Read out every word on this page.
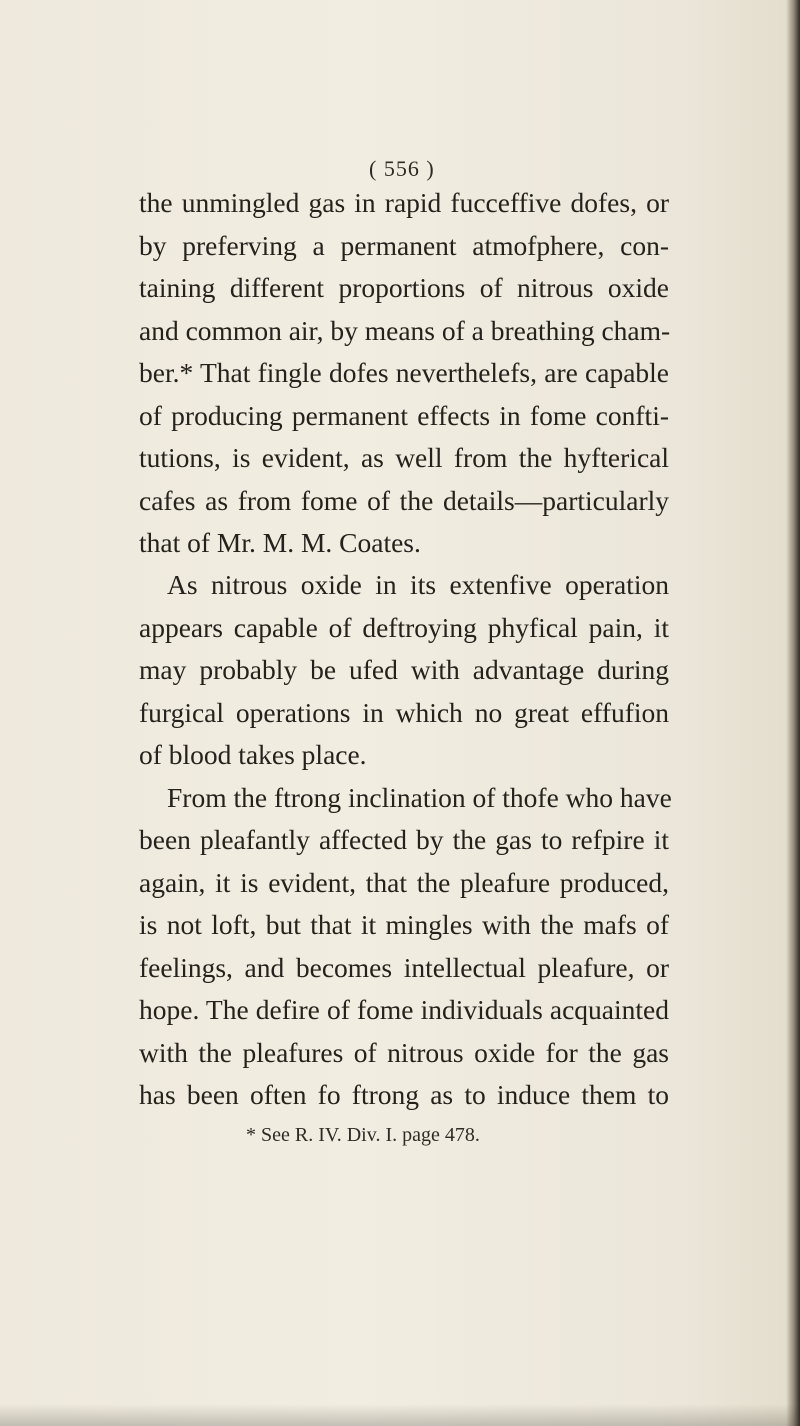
( 556 )
the unmingled gas in rapid fucceffive dofes, or
by preferving a permanent atmofphere, con-
taining different proportions of nitrous oxide
and common air, by means of a breathing cham-
ber.* That fingle dofes neverthelefs, are capable
of producing permanent effects in fome confti-
tutions, is evident, as well from the hyfterical
cafes as from fome of the details—particularly
that of Mr. M. M. Coates.
As nitrous oxide in its extenfive operation
appears capable of deftroying phyfical pain, it
may probably be ufed with advantage during
furgical operations in which no great effufion
of blood takes place.
From the ftrong inclination of thofe who have
been pleafantly affected by the gas to refpire it
again, it is evident, that the pleafure produced,
is not loft, but that it mingles with the mafs of
feelings, and becomes intellectual pleafure, or
hope. The defire of fome individuals acquainted
with the pleafures of nitrous oxide for the gas
has been often fo ftrong as to induce them to
* See R. IV. Div. I. page 478.
